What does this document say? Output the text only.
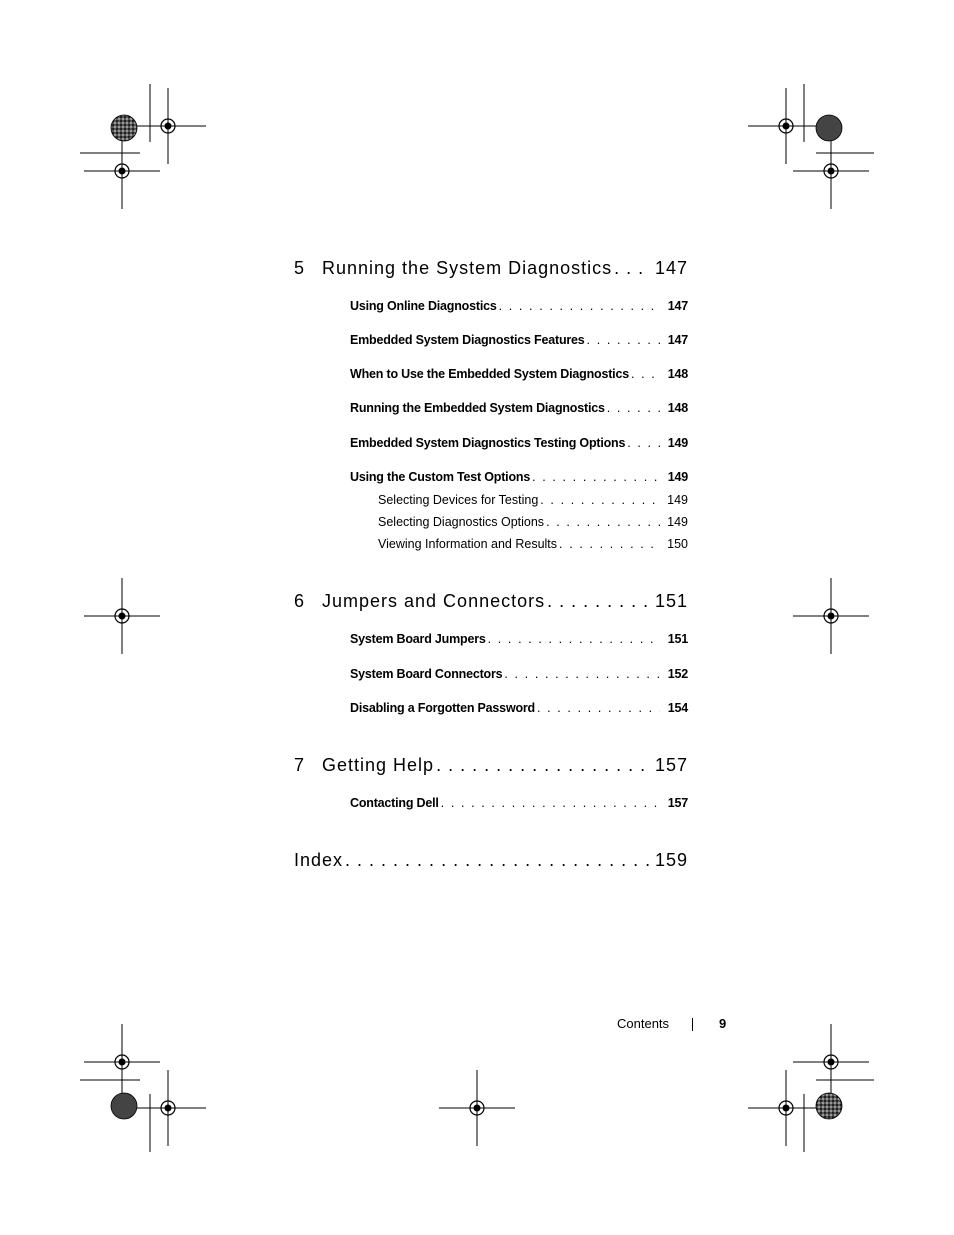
5 Running the System Diagnostics . . . 147
Using Online Diagnostics . . .	147
Embedded System Diagnostics Features . . .	147
When to Use the Embedded System Diagnostics . . .	148
Running the Embedded System Diagnostics . . .	148
Embedded System Diagnostics Testing Options . . .	149
Using the Custom Test Options . . .	149
Selecting Devices for Testing . . .	149
Selecting Diagnostics Options . . .	149
Viewing Information and Results . . .	150
6 Jumpers and Connectors . . .	151
System Board Jumpers . . .	151
System Board Connectors . . .	152
Disabling a Forgotten Password . . .	154
7 Getting Help . . .	157
Contacting Dell . . .	157
Index . . .	159
Contents	9
